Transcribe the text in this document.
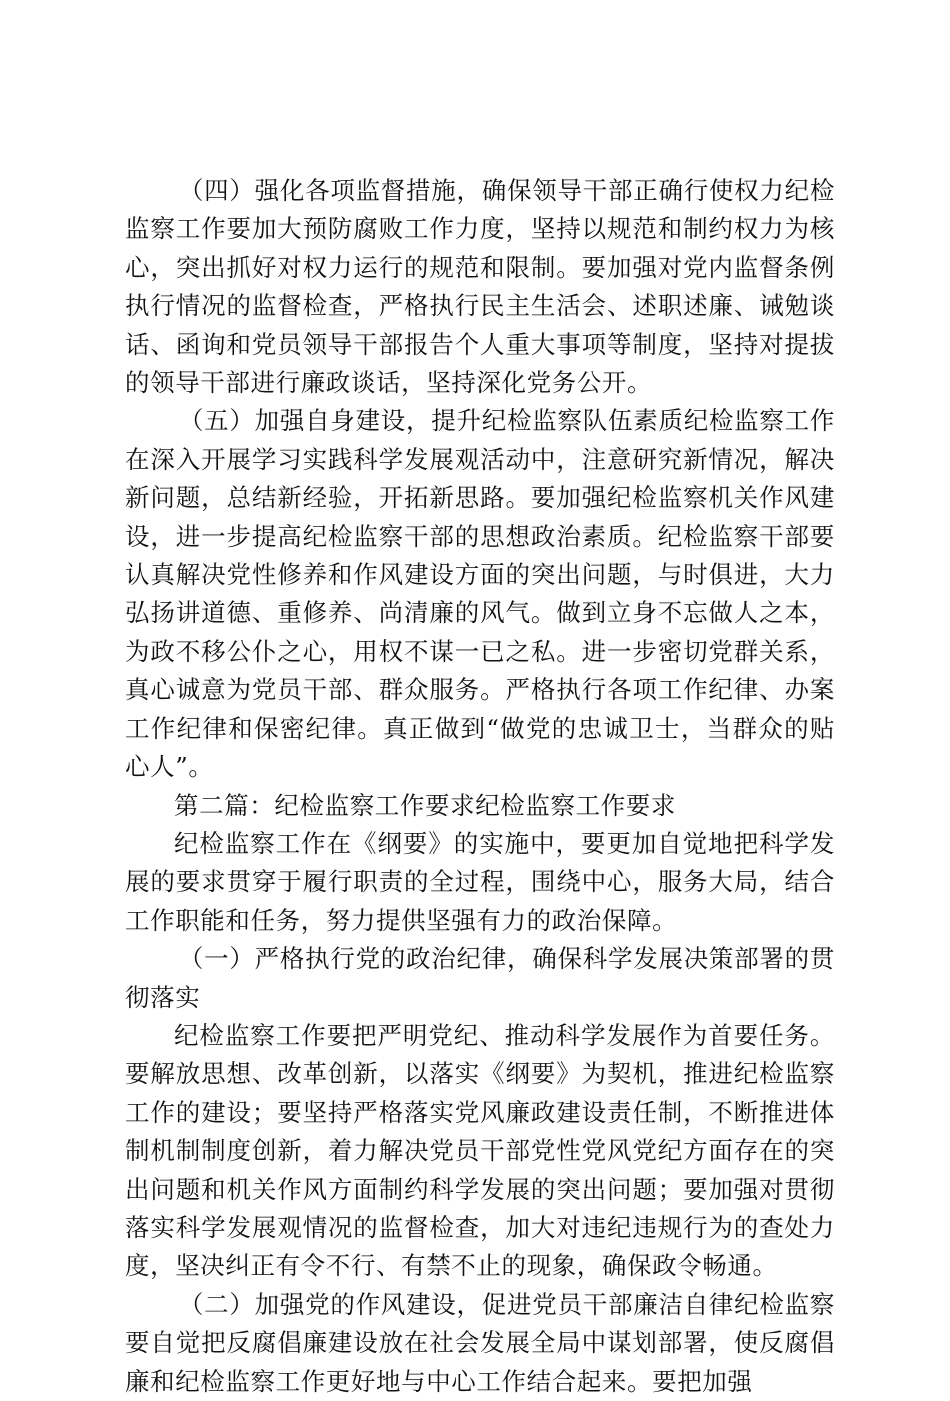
（四）强化各项监督措施，确保领导干部正确行使权力纪检监察工作要加大预防腐败工作力度，坚持以规范和制约权力为核心，突出抓好对权力运行的规范和限制。要加强对党内监督条例执行情况的监督检查，严格执行民主生活会、述职述廉、诫勉谈话、函询和党员领导干部报告个人重大事项等制度，坚持对提拔的领导干部进行廉政谈话，坚持深化党务公开。

（五）加强自身建设，提升纪检监察队伍素质纪检监察工作在深入开展学习实践科学发展观活动中，注意研究新情况，解决新问题，总结新经验，开拓新思路。要加强纪检监察机关作风建设，进一步提高纪检监察干部的思想政治素质。纪检监察干部要认真解决党性修养和作风建设方面的突出问题，与时俱进，大力弘扬讲道德、重修养、尚清廉的风气。做到立身不忘做人之本，为政不移公仆之心，用权不谋一已之私。进一步密切党群关系，真心诚意为党员干部、群众服务。严格执行各项工作纪律、办案工作纪律和保密纪律。真正做到“做党的忠诚卫士，当群众的贴心人”。

第二篇：纪检监察工作要求纪检监察工作要求

纪检监察工作在《纲要》的实施中，要更加自觉地把科学发展的要求贯穿于履行职责的全过程，围绕中心，服务大局，结合工作职能和任务，努力提供坚强有力的政治保障。

（一）严格执行党的政治纪律，确保科学发展决策部署的贯彻落实

纪检监察工作要把严明党纪、推动科学发展作为首要任务。要解放思想、改革创新，以落实《纲要》为契机，推进纪检监察工作的建设；要坚持严格落实党风廉政建设责任制，不断推进体制机制制度创新，着力解决党员干部党性党风党纪方面存在的突出问题和机关作风方面制约科学发展的突出问题；要加强对贯彻落实科学发展观情况的监督检查，加大对违纪违规行为的查处力度，坚决纠正有令不行、有禁不止的现象，确保政令畅通。

（二）加强党的作风建设，促进党员干部廉洁自律纪检监察要自觉把反腐倡廉建设放在社会发展全局中谋划部署，使反腐倡廉和纪检监察工作更好地与中心工作结合起来。要把加强
